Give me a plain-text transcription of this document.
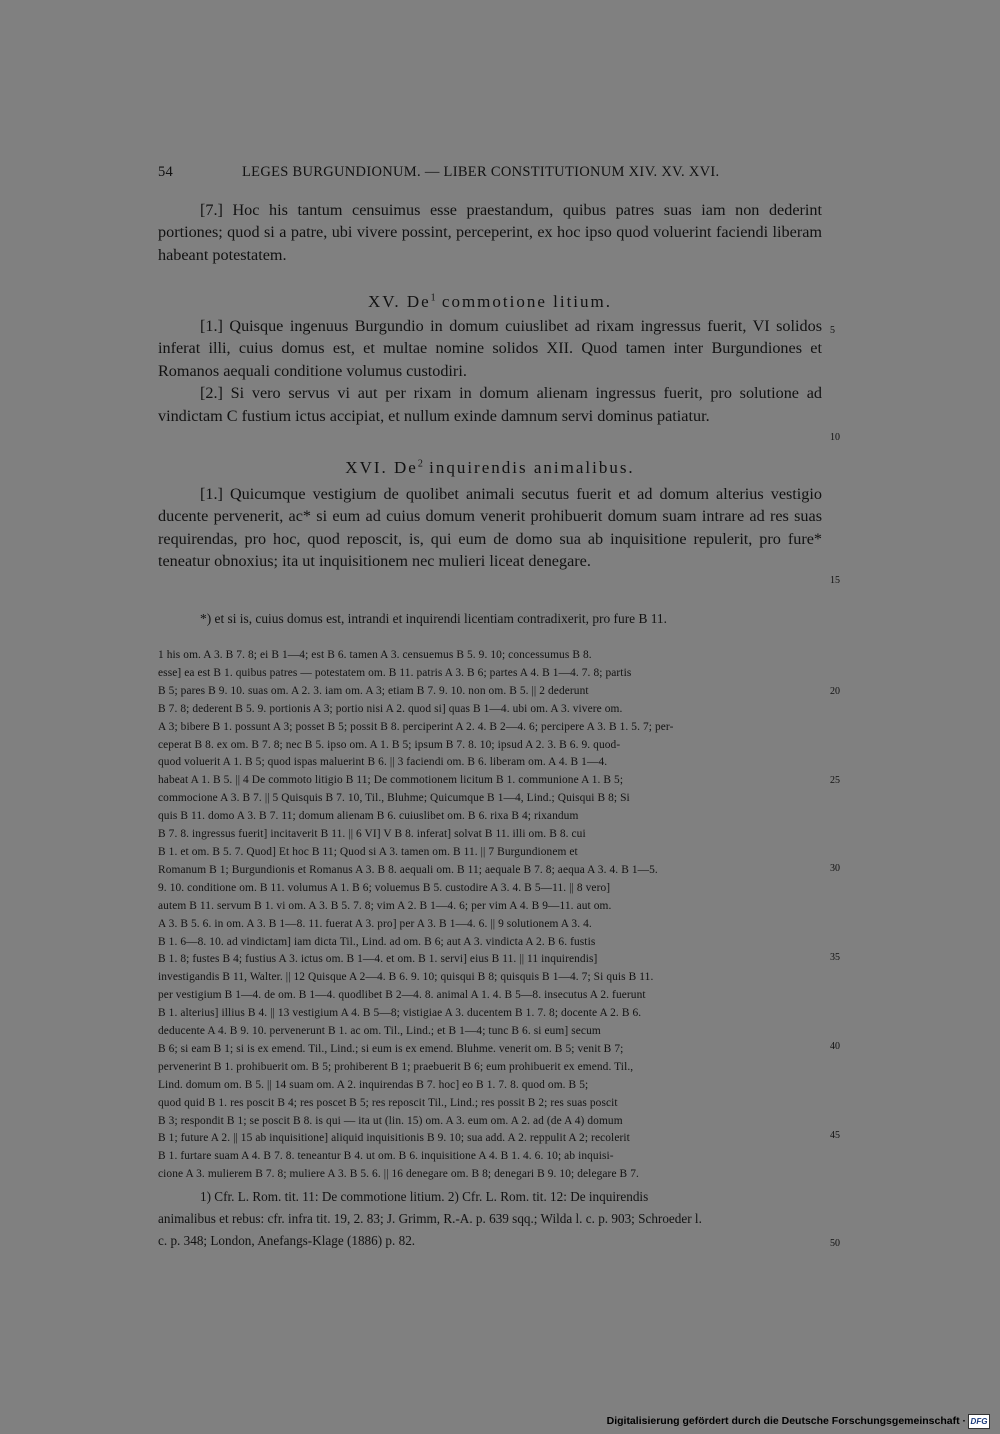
54	LEGES BURGUNDIONUM. — LIBER CONSTITUTIONUM XIV. XV. XVI.

[7.] Hoc his tantum censuimus esse praestandum, quibus patres suas iam non dederint portiones; quod si a patre, ubi vivere possint, perceperint, ex hoc ipso quod voluerint faciendi liberam habeant potestatem.

XV. De$^1$ commotione litium.

[1.] Quisque ingenuus Burgundio in domum cuiuslibet ad rixam ingressus fuerit, VI solidos inferat illi, cuius domus est, et multae nomine solidos XII. Quod tamen inter Burgundiones et Romanos aequali conditione volumus custodiri.

[2.] Si vero servus vi aut per rixam in domum alienam ingressus fuerit, pro solutione ad vindictam C fustium ictus accipiat, et nullum exinde damnum servi dominus patiatur.

XVI. De$^2$ inquirendis animalibus.

[1.] Quicumque vestigium de quolibet animali secutus fuerit et ad domum alterius vestigio ducente pervenerit, ac* si eum ad cuius domum venerit prohibuerit domum suam intrare ad res suas requirendas, pro hoc, quod reposcit, is, qui eum de domo sua ab inquisitione repulerit, pro fure* teneatur obnoxius; ita ut inquisitionem nec mulieri liceat denegare.

5
10
15
20
25
30
35
40
45
50
*) et si is, cuius domus est, intrandi et inquirendi licentiam contradixerit, pro fure B 11.
1 his om. A 3. B 7. 8; ei B 1—4; est B 6. tamen A 3. censuemus B 5. 9. 10; concessumus B 8.
esse] ea est B 1. quibus patres — potestatem om. B 11. patris A 3. B 6; partes A 4. B 1—4. 7. 8; partis
B 5; pares B 9. 10. suas om. A 2. 3. iam om. A 3; etiam B 7. 9. 10. non om. B 5. || 2 dederunt
B 7. 8; dederent B 5. 9. portionis A 3; portio nisi A 2. quod si] quas B 1—4. ubi om. A 3. vivere om.
A 3; bibere B 1. possunt A 3; posset B 5; possit B 8. perciperint A 2. 4. B 2—4. 6; percipere A 3. B 1. 5. 7; per-
ceperat B 8. ex om. B 7. 8; nec B 5. ipso om. A 1. B 5; ipsum B 7. 8. 10; ipsud A 2. 3. B 6. 9. quod-
quod voluerit A 1. B 5; quod ispas maluerint B 6. || 3 faciendi om. B 6. liberam om. A 4. B 1—4.
habeat A 1. B 5. || 4 De commoto litigio B 11; De commotionem licitum B 1. communione A 1. B 5;
commocione A 3. B 7. || 5 Quisquis B 7. 10, Til., Bluhme; Quicumque B 1—4, Lind.; Quisqui B 8; Si
quis B 11. domo A 3. B 7. 11; domum alienam B 6. cuiuslibet om. B 6. rixa B 4; rixandum
B 7. 8. ingressus fuerit] incitaverit B 11. || 6 VI] V B 8. inferat] solvat B 11. illi om. B 8. cui
B 1. et om. B 5. 7. Quod] Et hoc B 11; Quod si A 3. tamen om. B 11. || 7 Burgundionem et
Romanum B 1; Burgundionis et Romanus A 3. B 8. aequali om. B 11; aequale B 7. 8; aequa A 3. 4. B 1—5.
9. 10. conditione om. B 11. volumus A 1. B 6; voluemus B 5. custodire A 3. 4. B 5—11. || 8 vero]
autem B 11. servum B 1. vi om. A 3. B 5. 7. 8; vim A 2. B 1—4. 6; per vim A 4. B 9—11. aut om.
A 3. B 5. 6. in om. A 3. B 1—8. 11. fuerat A 3. pro] per A 3. B 1—4. 6. || 9 solutionem A 3. 4.
B 1. 6—8. 10. ad vindictam] iam dicta Til., Lind. ad om. B 6; aut A 3. vindicta A 2. B 6. fustis
B 1. 8; fustes B 4; fustius A 3. ictus om. B 1—4. et om. B 1. servi] eius B 11. || 11 inquirendis]
investigandis B 11, Walter. || 12 Quisque A 2—4. B 6. 9. 10; quisqui B 8; quisquis B 1—4. 7; Si quis B 11.
per vestigium B 1—4. de om. B 1—4. quodlibet B 2—4. 8. animal A 1. 4. B 5—8. insecutus A 2. fuerunt
B 1. alterius] illius B 4. || 13 vestigium A 4. B 5—8; vistigiae A 3. ducentem B 1. 7. 8; docente A 2. B 6.
deducente A 4. B 9. 10. pervenerunt B 1. ac om. Til., Lind.; et B 1—4; tunc B 6. si eum] secum
B 6; si eam B 1; si is ex emend. Til., Lind.; si eum is ex emend. Bluhme. venerit om. B 5; venit B 7;
pervenerint B 1. prohibuerit om. B 5; prohiberent B 1; praebuerit B 6; eum prohibuerit ex emend. Til.,
Lind. domum om. B 5. || 14 suam om. A 2. inquirendas B 7. hoc] eo B 1. 7. 8. quod om. B 5;
quod quid B 1. res poscit B 4; res poscet B 5; res reposcit Til., Lind.; res possit B 2; res suas poscit
B 3; respondit B 1; se poscit B 8. is qui — ita ut (lin. 15) om. A 3. eum om. A 2. ad (de A 4) domum
B 1; future A 2. || 15 ab inquisitione] aliquid inquisitionis B 9. 10; sua add. A 2. reppulit A 2; recolerit
B 1. furtare suam A 4. B 7. 8. teneantur B 4. ut om. B 6. inquisitione A 4. B 1. 4. 6. 10; ab inquisi-
cione A 3. mulierem B 7. 8; muliere A 3. B 5. 6. || 16 denegare om. B 8; denegari B 9. 10; delegare B 7.
1) Cfr. L. Rom. tit. 11: De commotione litium. 2) Cfr. L. Rom. tit. 12: De inquirendis
animalibus et rebus: cfr. infra tit. 19, 2. 83; J. Grimm, R.-A. p. 639 sqq.; Wilda l. c. p. 903; Schroeder l.
c. p. 348; London, Anefangs-Klage (1886) p. 82.
Digitalisierung gefördert durch die Deutsche Forschungsgemeinschaft · DFG
